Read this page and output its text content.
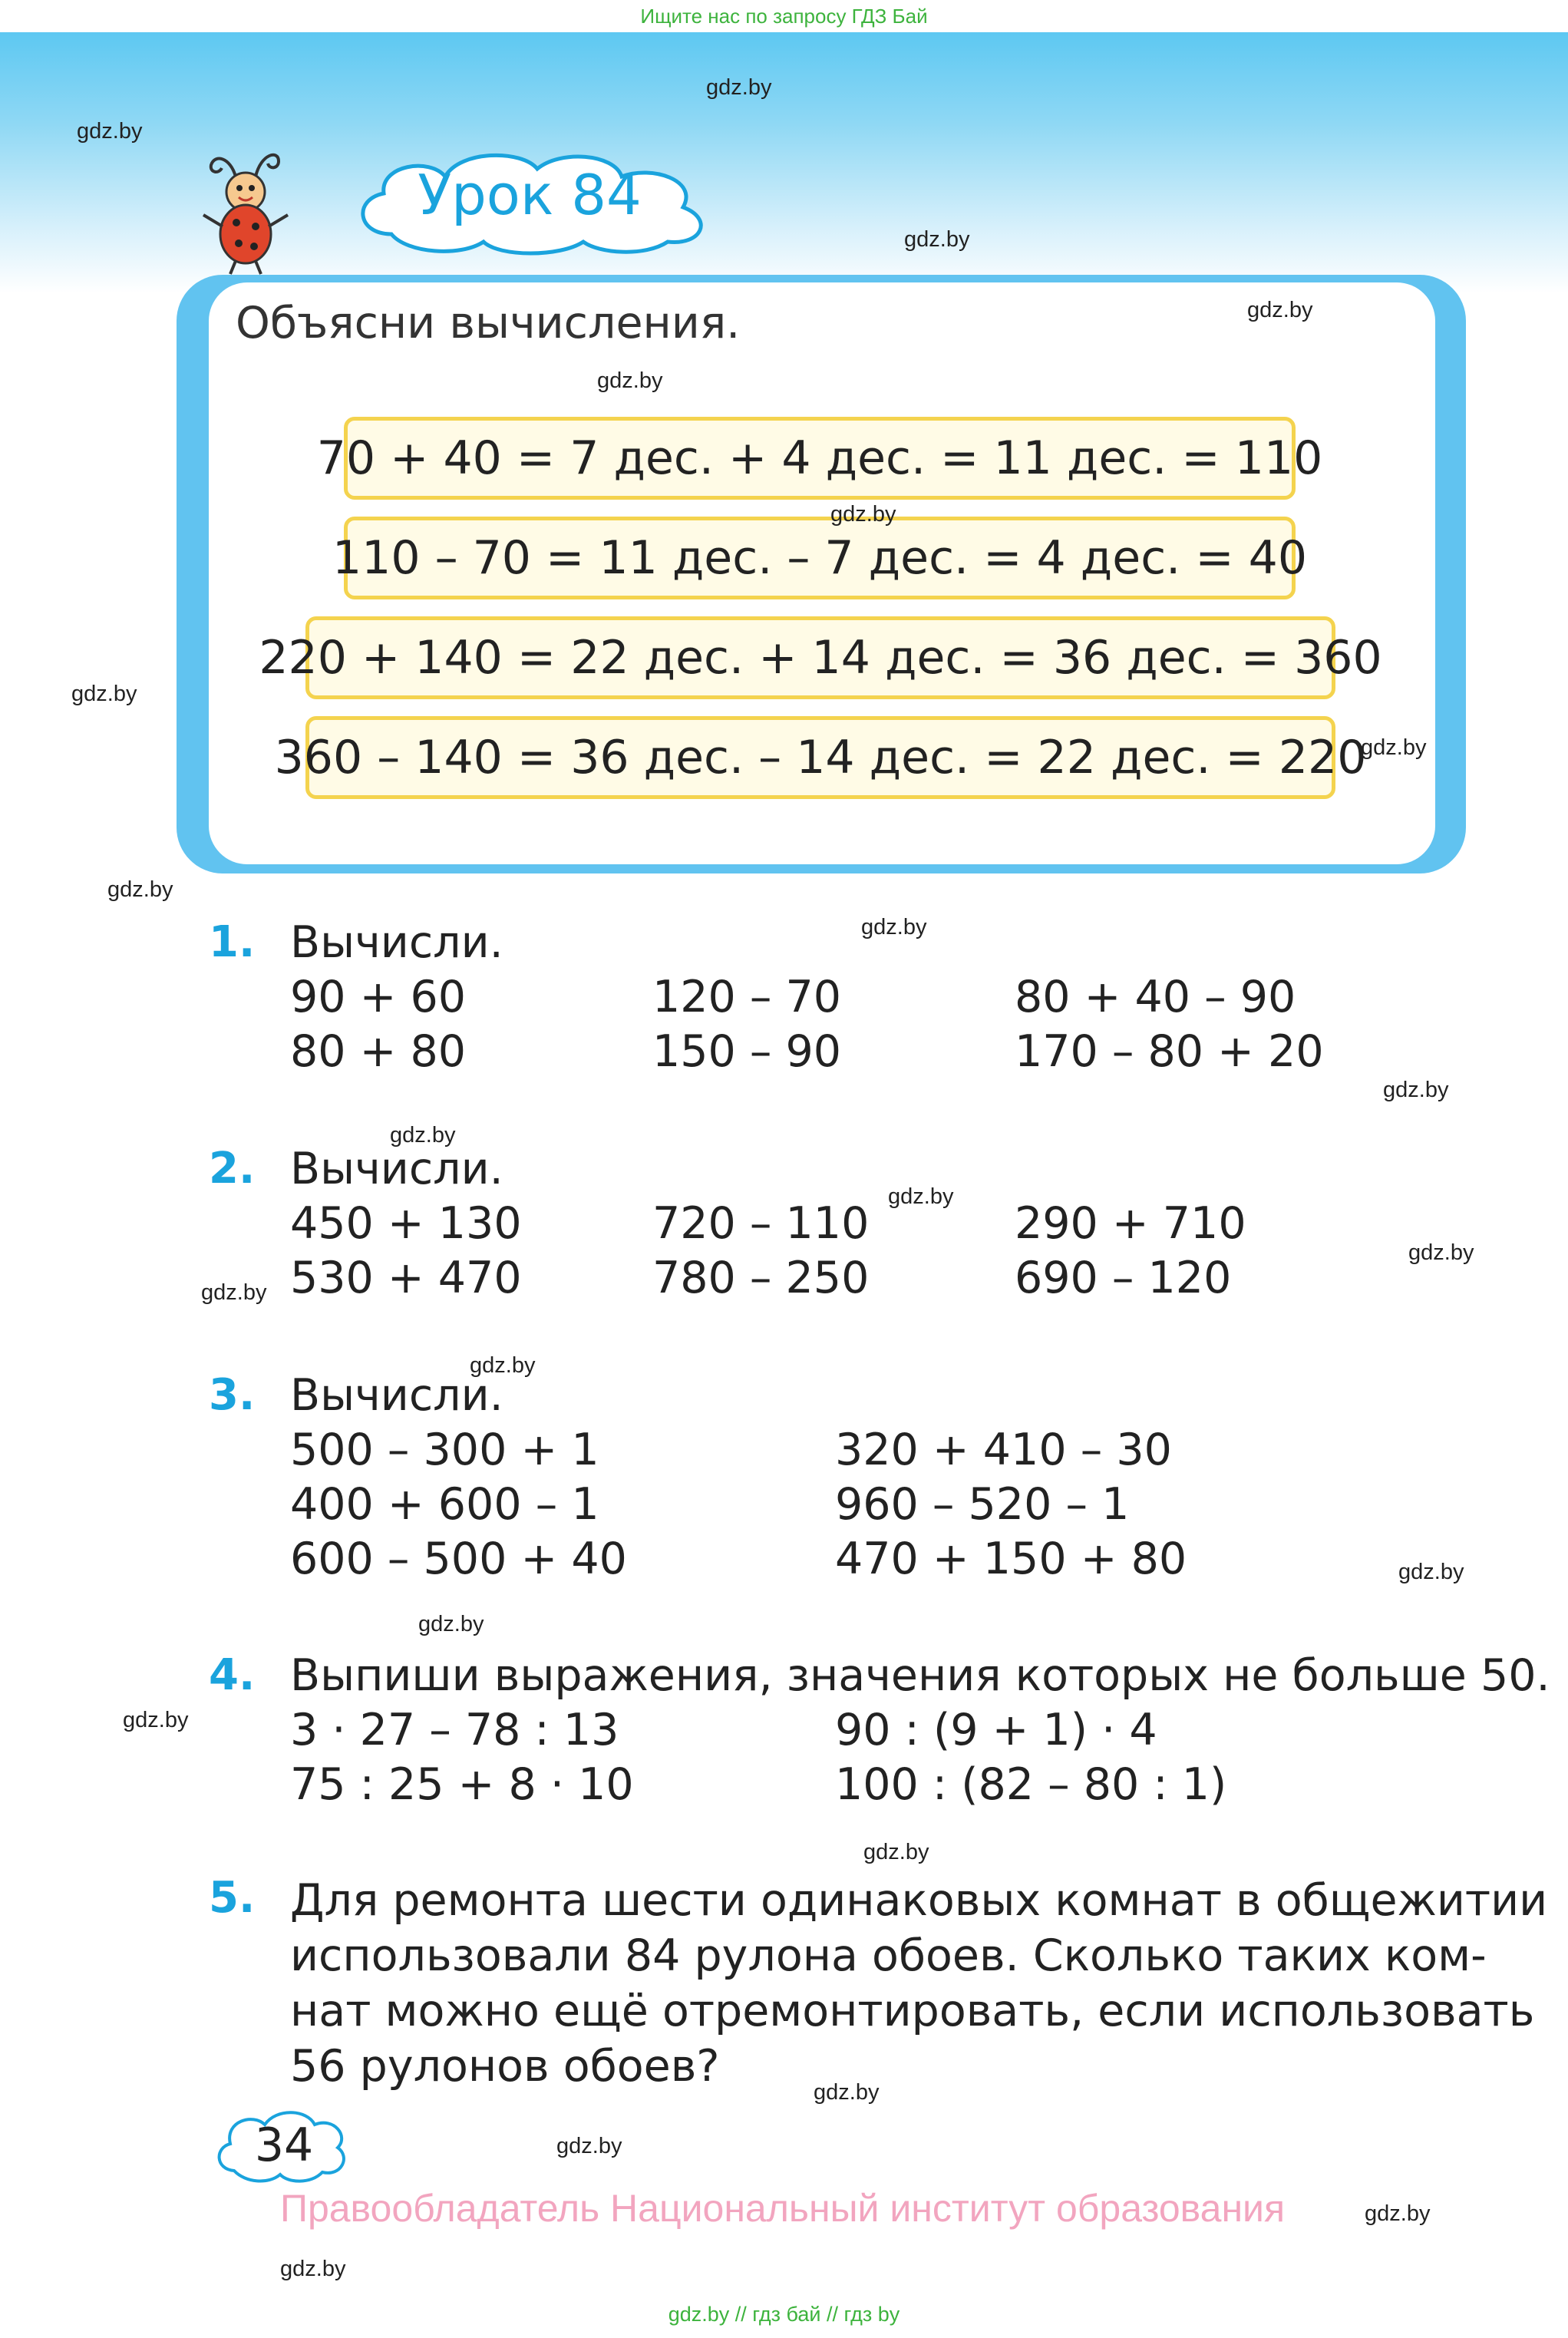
Ищите нас по запросу ГДЗ Бай
Урок 84
Объясни вычисления.
70 + 40 = 7 дес. + 4 дес. = 11 дес. = 110
110 – 70 = 11 дес. – 7 дес. = 4 дес. = 40
220 + 140 = 22 дес. + 14 дес. = 36 дес. = 360
360 – 140 = 36 дес. – 14 дес. = 22 дес. = 220
1. Вычисли.
90 + 60	120 – 70	80 + 40 – 90
80 + 80	150 – 90	170 – 80 + 20
2. Вычисли.
450 + 130	720 – 110	290 + 710
530 + 470	780 – 250	690 – 120
3. Вычисли.
500 – 300 + 1	320 + 410 – 30
400 + 600 – 1	960 – 520 – 1
600 – 500 + 40	470 + 150 + 80
4. Выпиши выражения, значения которых не больше 50.
3 · 27 – 78 : 13	90 : (9 + 1) · 4
75 : 25 + 8 · 10	100 : (82 – 80 : 1)
5. Для ремонта шести одинаковых комнат в общежитии
использовали 84 рулона обоев. Сколько таких ком-
нат можно ещё отремонтировать, если использовать
56 рулонов обоев?
34
Правообладатель Национальный институт образования
gdz.by
gdz.by
gdz.by
gdz.by
gdz.by
gdz.by
gdz.by
gdz.by
gdz.by
gdz.by
gdz.by
gdz.by
gdz.by
gdz.by
gdz.by
gdz.by
gdz.by
gdz.by
gdz.by
gdz.by
gdz.by
gdz.by
gdz.by
gdz.by
gdz.by // гдз бай // гдз by
